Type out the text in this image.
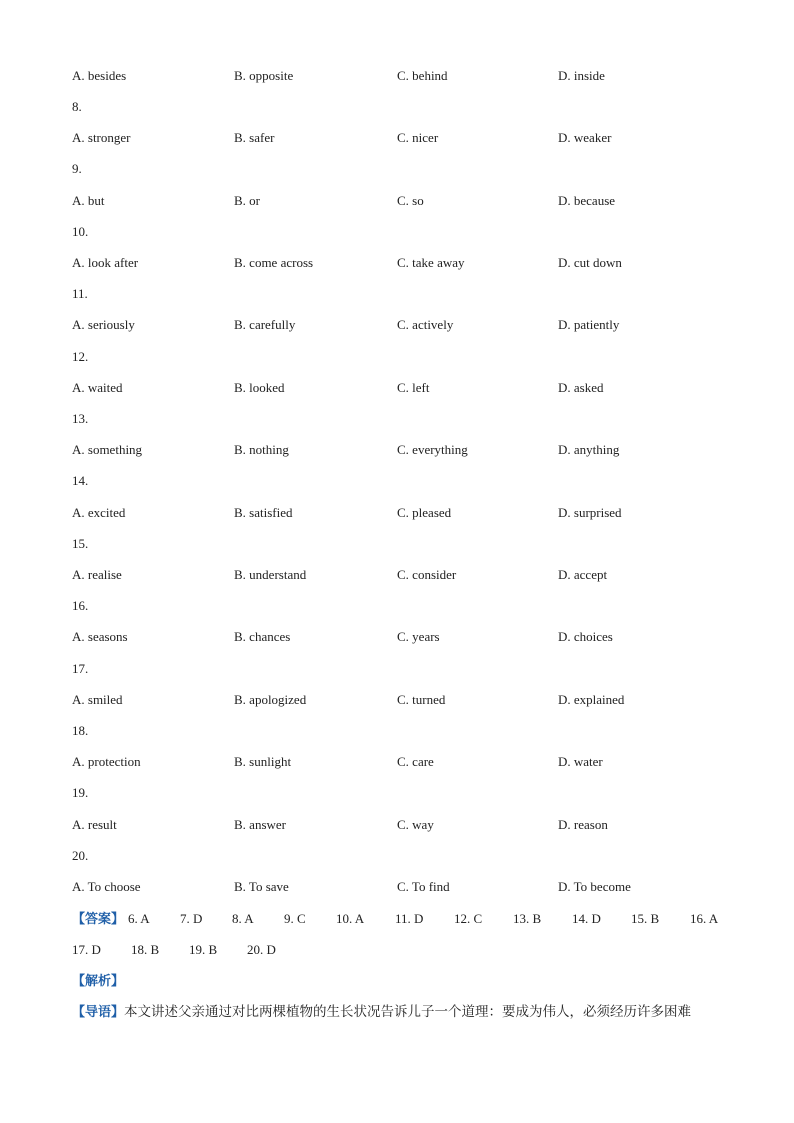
A. besides	B. opposite	C. behind	D. inside
8.
A. stronger	B. safer	C. nicer	D. weaker
9.
A. but	B. or	C. so	D. because
10.
A. look after	B. come across	C. take away	D. cut down
11.
A. seriously	B. carefully	C. actively	D. patiently
12.
A. waited	B. looked	C. left	D. asked
13.
A. something	B. nothing	C. everything	D. anything
14.
A. excited	B. satisfied	C. pleased	D. surprised
15.
A. realise	B. understand	C. consider	D. accept
16.
A. seasons	B. chances	C. years	D. choices
17.
A. smiled	B. apologized	C. turned	D. explained
18.
A. protection	B. sunlight	C. care	D. water
19.
A. result	B. answer	C. way	D. reason
20.
A. To choose	B. To save	C. To find	D. To become
【答案】 6. A 7. D 8. A 9. C 10. A 11. D 12. C 13. B 14. D 15. B 16. A
17. D 18. B 19. B 20. D
【解析】
【导语】本文讲述父亲通过对比两棵植物的生长状况告诉儿子一个道理：要成为伟人，必须经历许多困难
